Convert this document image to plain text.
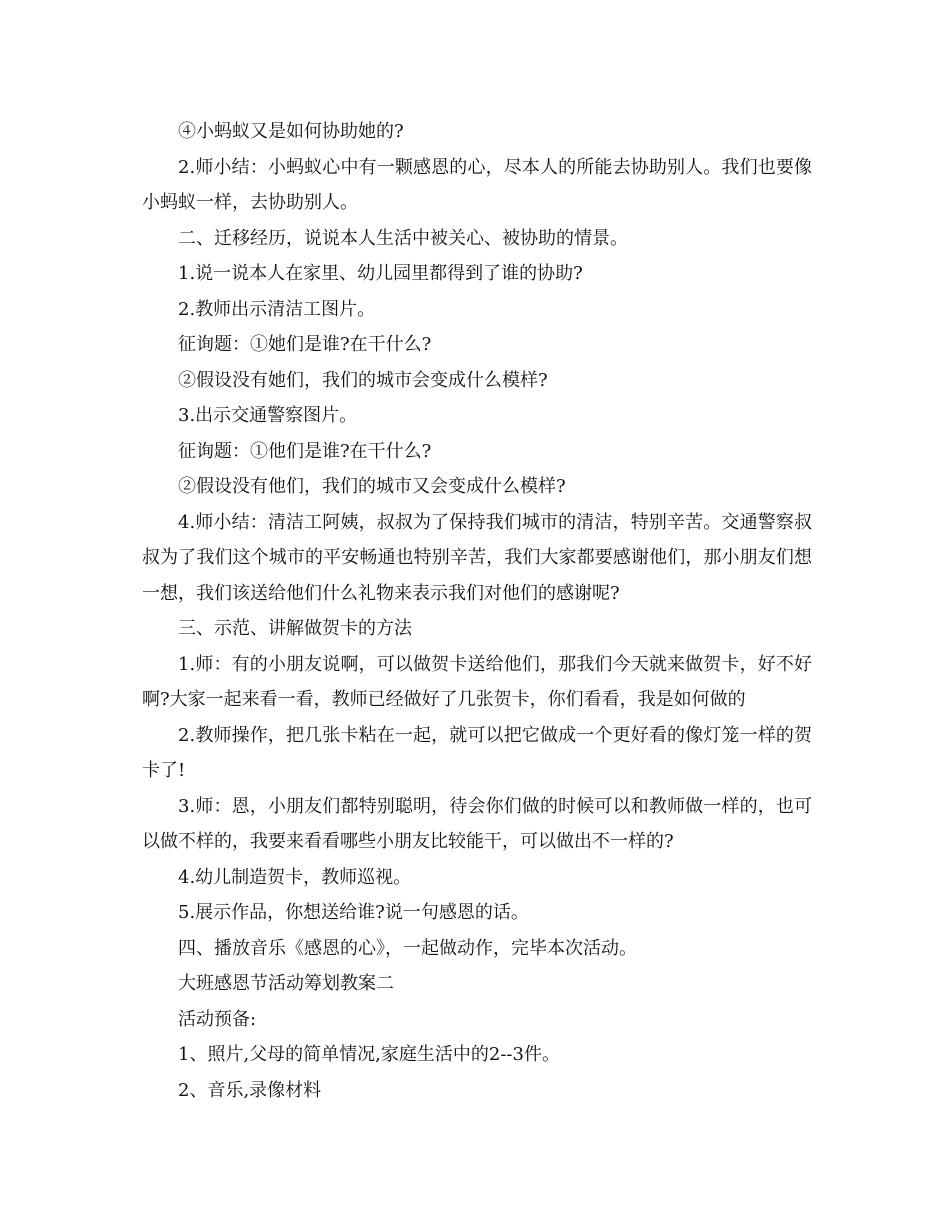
④小蚂蚁又是如何协助她的?

2.师小结：小蚂蚁心中有一颗感恩的心，尽本人的所能去协助别人。我们也要像小蚂蚁一样，去协助别人。

二、迁移经历，说说本人生活中被关心、被协助的情景。

1.说一说本人在家里、幼儿园里都得到了谁的协助?

2.教师出示清洁工图片。

征询题：①她们是谁?在干什么?

②假设没有她们，我们的城市会变成什么模样?

3.出示交通警察图片。

征询题：①他们是谁?在干什么?

②假设没有他们，我们的城市又会变成什么模样?

4.师小结：清洁工阿姨，叔叔为了保持我们城市的清洁，特别辛苦。交通警察叔叔为了我们这个城市的平安畅通也特别辛苦，我们大家都要感谢他们，那小朋友们想一想，我们该送给他们什么礼物来表示我们对他们的感谢呢?

三、示范、讲解做贺卡的方法

1.师：有的小朋友说啊，可以做贺卡送给他们，那我们今天就来做贺卡，好不好啊?大家一起来看一看，教师已经做好了几张贺卡，你们看看，我是如何做的

2.教师操作，把几张卡粘在一起，就可以把它做成一个更好看的像灯笼一样的贺卡了!

3.师：恩，小朋友们都特别聪明，待会你们做的时候可以和教师做一样的，也可以做不样的，我要来看看哪些小朋友比较能干，可以做出不一样的?

4.幼儿制造贺卡，教师巡视。

5.展示作品，你想送给谁?说一句感恩的话。

四、播放音乐《感恩的心》，一起做动作，完毕本次活动。

大班感恩节活动筹划教案二

活动预备:

1、照片,父母的简单情况,家庭生活中的2--3件。

2、音乐,录像材料
